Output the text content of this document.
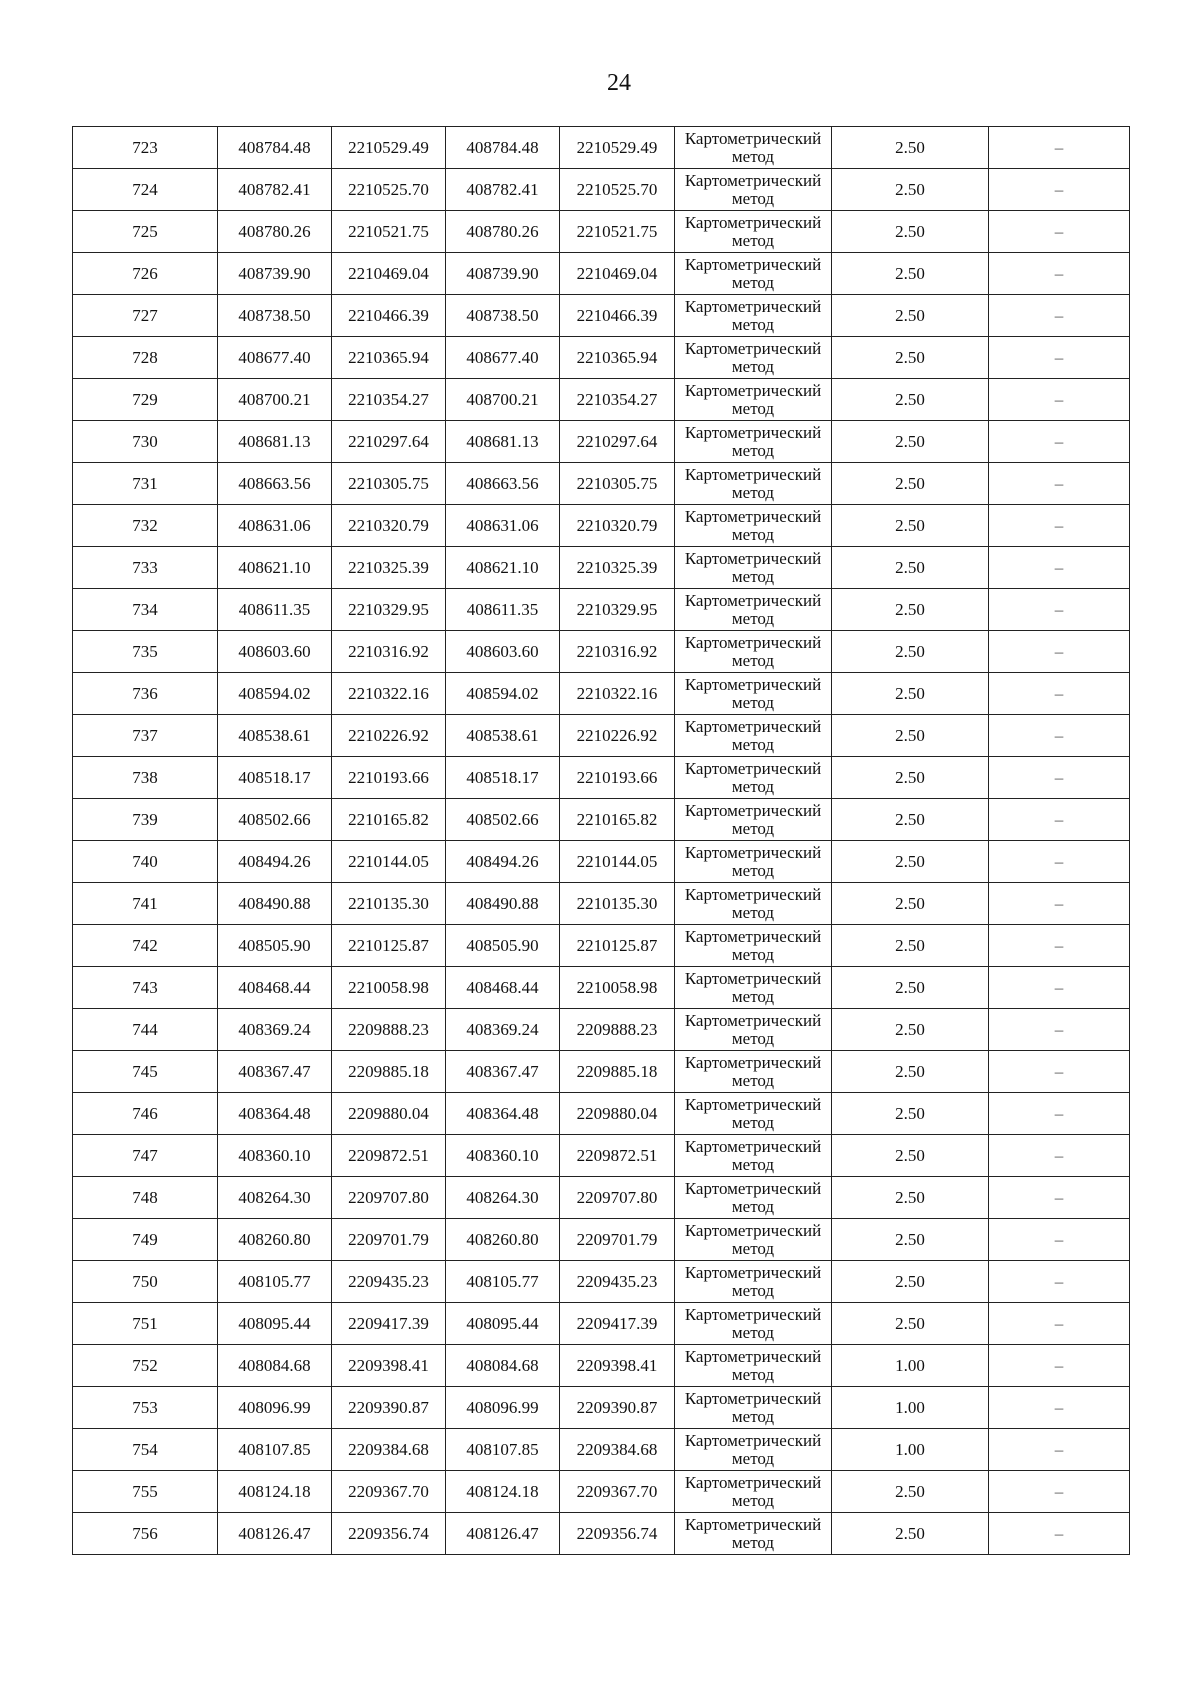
24
723	408784.48	2210529.49	408784.48	2210529.49	Картометрический метод	2.50	–
724	408782.41	2210525.70	408782.41	2210525.70	Картометрический метод	2.50	–
725	408780.26	2210521.75	408780.26	2210521.75	Картометрический метод	2.50	–
726	408739.90	2210469.04	408739.90	2210469.04	Картометрический метод	2.50	–
727	408738.50	2210466.39	408738.50	2210466.39	Картометрический метод	2.50	–
728	408677.40	2210365.94	408677.40	2210365.94	Картометрический метод	2.50	–
729	408700.21	2210354.27	408700.21	2210354.27	Картометрический метод	2.50	–
730	408681.13	2210297.64	408681.13	2210297.64	Картометрический метод	2.50	–
731	408663.56	2210305.75	408663.56	2210305.75	Картометрический метод	2.50	–
732	408631.06	2210320.79	408631.06	2210320.79	Картометрический метод	2.50	–
733	408621.10	2210325.39	408621.10	2210325.39	Картометрический метод	2.50	–
734	408611.35	2210329.95	408611.35	2210329.95	Картометрический метод	2.50	–
735	408603.60	2210316.92	408603.60	2210316.92	Картометрический метод	2.50	–
736	408594.02	2210322.16	408594.02	2210322.16	Картометрический метод	2.50	–
737	408538.61	2210226.92	408538.61	2210226.92	Картометрический метод	2.50	–
738	408518.17	2210193.66	408518.17	2210193.66	Картометрический метод	2.50	–
739	408502.66	2210165.82	408502.66	2210165.82	Картометрический метод	2.50	–
740	408494.26	2210144.05	408494.26	2210144.05	Картометрический метод	2.50	–
741	408490.88	2210135.30	408490.88	2210135.30	Картометрический метод	2.50	–
742	408505.90	2210125.87	408505.90	2210125.87	Картометрический метод	2.50	–
743	408468.44	2210058.98	408468.44	2210058.98	Картометрический метод	2.50	–
744	408369.24	2209888.23	408369.24	2209888.23	Картометрический метод	2.50	–
745	408367.47	2209885.18	408367.47	2209885.18	Картометрический метод	2.50	–
746	408364.48	2209880.04	408364.48	2209880.04	Картометрический метод	2.50	–
747	408360.10	2209872.51	408360.10	2209872.51	Картометрический метод	2.50	–
748	408264.30	2209707.80	408264.30	2209707.80	Картометрический метод	2.50	–
749	408260.80	2209701.79	408260.80	2209701.79	Картометрический метод	2.50	–
750	408105.77	2209435.23	408105.77	2209435.23	Картометрический метод	2.50	–
751	408095.44	2209417.39	408095.44	2209417.39	Картометрический метод	2.50	–
752	408084.68	2209398.41	408084.68	2209398.41	Картометрический метод	1.00	–
753	408096.99	2209390.87	408096.99	2209390.87	Картометрический метод	1.00	–
754	408107.85	2209384.68	408107.85	2209384.68	Картометрический метод	1.00	–
755	408124.18	2209367.70	408124.18	2209367.70	Картометрический метод	2.50	–
756	408126.47	2209356.74	408126.47	2209356.74	Картометрический метод	2.50	–
